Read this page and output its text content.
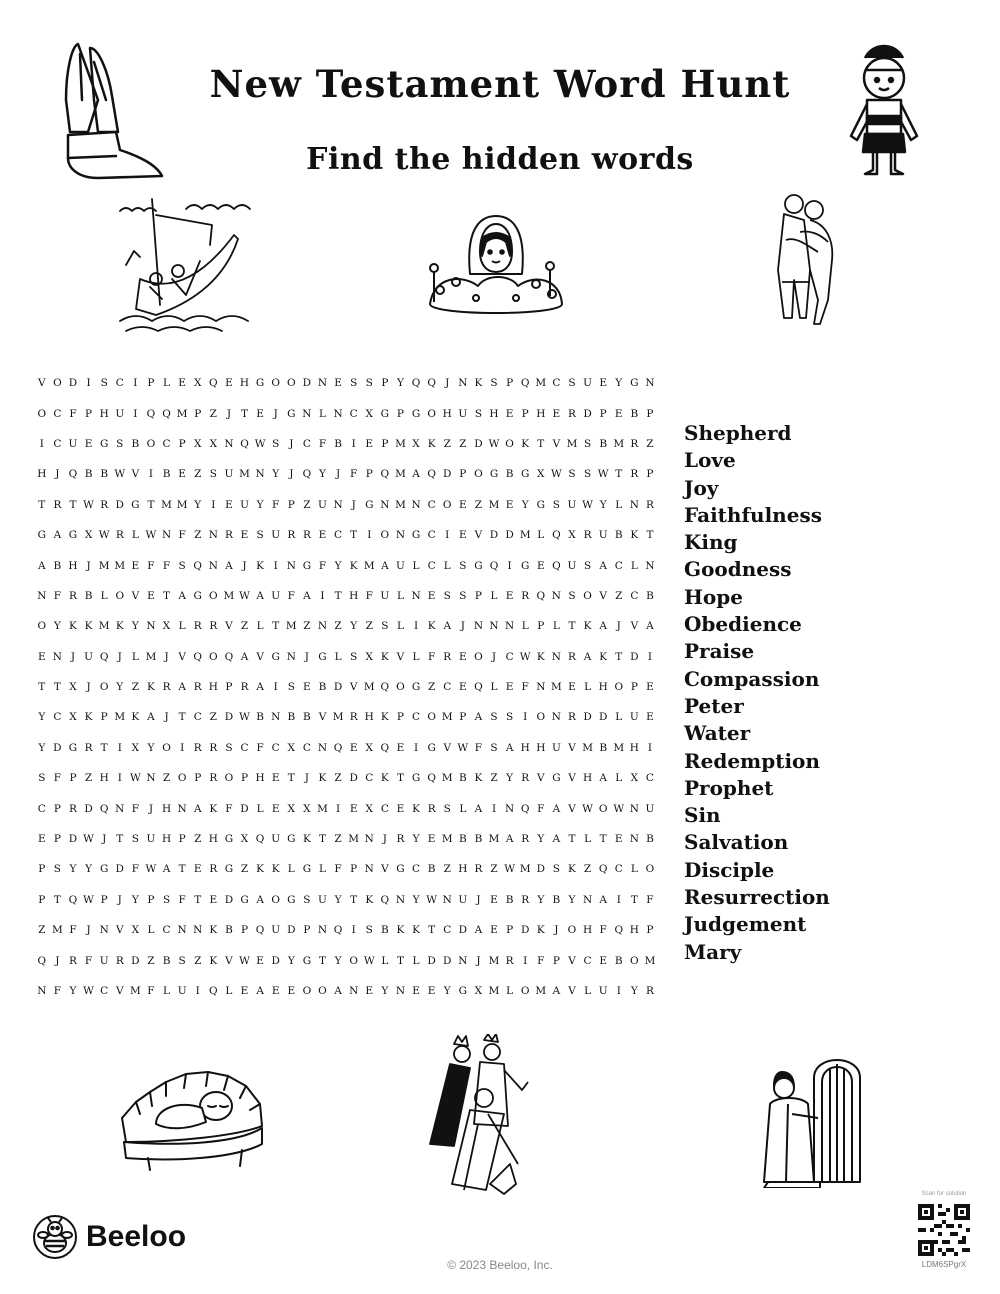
New Testament Word Hunt
Find the hidden words
V O D I S C I P L E X Q E H G O O D N E S S P Y Q Q J N K S P Q M C S U E Y G N
O C F P H U I Q Q M P Z J T E J G N L N C X G P G O H U S H E P H E R D P E B P
I C U E G S B O C P X X N Q W S J C F B I E P M X K Z Z D W O K T V M S B M R Z
H J Q B B W V I B E Z S U M N Y J Q Y J F P Q M A Q D P O G B G X W S S W T R P
T R T W R D G T M M Y I E U Y F P Z U N J G N M N C O E Z M E Y G S U W Y L N R
G A G X W R L W N F Z N R E S U R R E C T I O N G C I E V D D M L Q X R U B K T
A B H J M M E F F S Q N A J K I N G F Y K M A U L C L S G Q I G E Q U S A C L N
N F R B L O V E T A G O M W A U F A I T H F U L N E S S P L E R Q N S O V Z C B
O Y K K M K Y N X L R R V Z L T M Z N Z Y Z S L I K A J N N N L P L T K A J V A
E N J U Q J L M J V Q O Q A V G N J G L S X K V L F R E O J C W K N R A K T D I
T T X J O Y Z K R A R H P R A I S E B D V M Q O G Z C E Q L E F N M E L H O P E
Y C X K P M K A J T C Z D W B N B B V M R H K P C O M P A S S I O N R D D L U E
Y D G R T I X Y O I R R S C F C X C N Q E X Q E I G V W F S A H H U V M B M H I
S F P Z H I W N Z O P R O P H E T J K Z D C K T G Q M B K Z Y R V G V H A L X C
C P R D Q N F J H N A K F D L E X X M I E X C E K R S L A I N Q F A V W O W N U
E P D W J T S U H P Z H G X Q U G K T Z M N J R Y E M B B M A R Y A T L T E N B
P S Y Y G D F W A T E R G Z K K L G L F P N V G C B Z H R Z W M D S K Z Q C L O
P T Q W P J Y P S F T E D G A O G S U Y T K Q N Y W N U J E B R Y B Y N A I T F
Z M F J N V X L C N N K B P Q U D P N Q I S B K K T C D A E P D K J O H F Q H P
Q J R F U R D Z B S Z K V W E D Y G T Y O W L T L D D N J M R I F P V C E B O M
N F Y W C V M F L U I Q L E A E E O O A N E Y N E E Y G X M L O M A V L U I Y R
Shepherd
Love
Joy
Faithfulness
King
Goodness
Hope
Obedience
Praise
Compassion
Peter
Water
Redemption
Prophet
Sin
Salvation
Disciple
Resurrection
Judgement
Mary
Beeloo
© 2023 Beeloo, Inc.
Scan for solution
LDM6SPgrX
